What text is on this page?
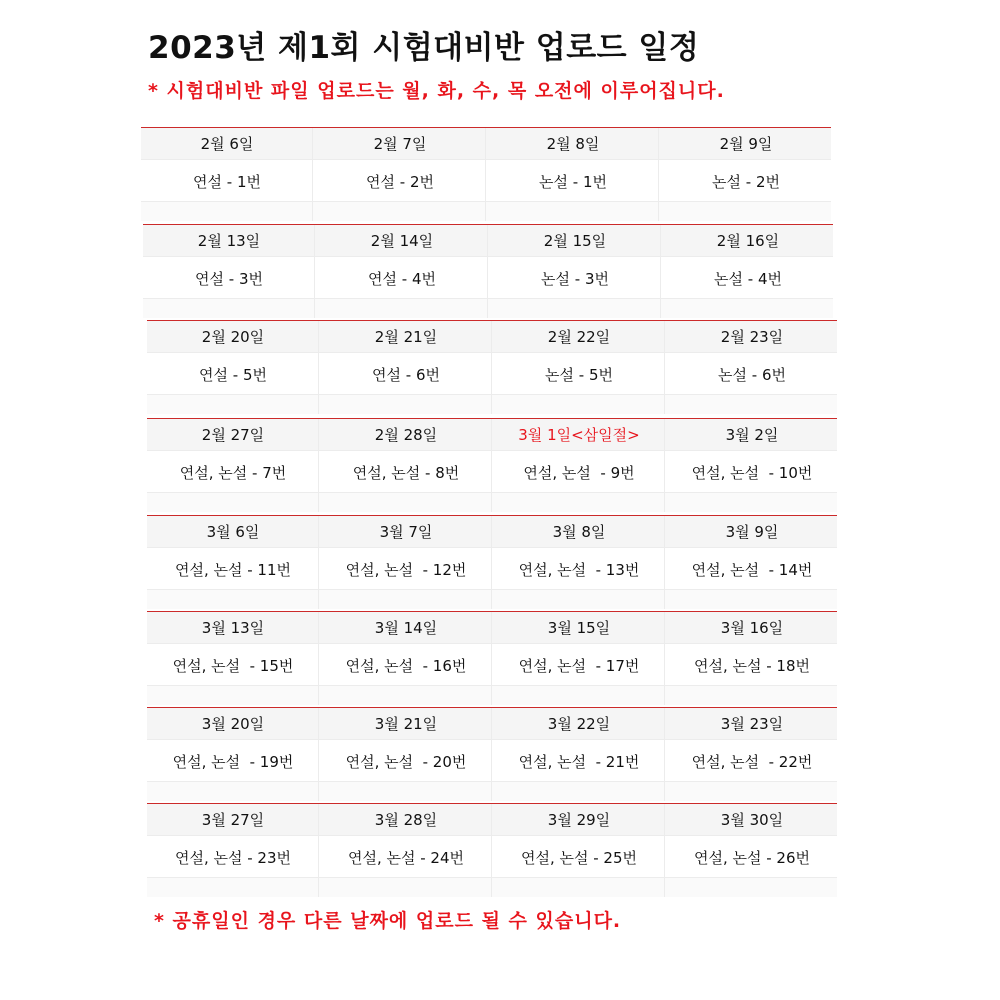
2023년 제1회 시험대비반 업로드 일정
* 시험대비반 파일 업로드는 월, 화, 수, 목 오전에 이루어집니다.
2월 6일
연설 - 1번
2월 7일
연설 - 2번
2월 8일
논설 - 1번
2월 9일
논설 - 2번
2월 13일
연설 - 3번
2월 14일
연설 - 4번
2월 15일
논설 - 3번
2월 16일
논설 - 4번
2월 20일
연설 - 5번
2월 21일
연설 - 6번
2월 22일
논설 - 5번
2월 23일
논설 - 6번
2월 27일
연설, 논설 - 7번
2월 28일
연설, 논설 - 8번
3월 1일<삼일절>
연설, 논설  - 9번
3월 2일
연설, 논설  - 10번
3월 6일
연설, 논설 - 11번
3월 7일
연설, 논설  - 12번
3월 8일
연설, 논설  - 13번
3월 9일
연설, 논설  - 14번
3월 13일
연설, 논설  - 15번
3월 14일
연설, 논설  - 16번
3월 15일
연설, 논설  - 17번
3월 16일
연설, 논설 - 18번
3월 20일
연설, 논설  - 19번
3월 21일
연설, 논설  - 20번
3월 22일
연설, 논설  - 21번
3월 23일
연설, 논설  - 22번
3월 27일
연설, 논설 - 23번
3월 28일
연설, 논설 - 24번
3월 29일
연설, 논설 - 25번
3월 30일
연설, 논설 - 26번
* 공휴일인 경우 다른 날짜에 업로드 될 수 있습니다.
